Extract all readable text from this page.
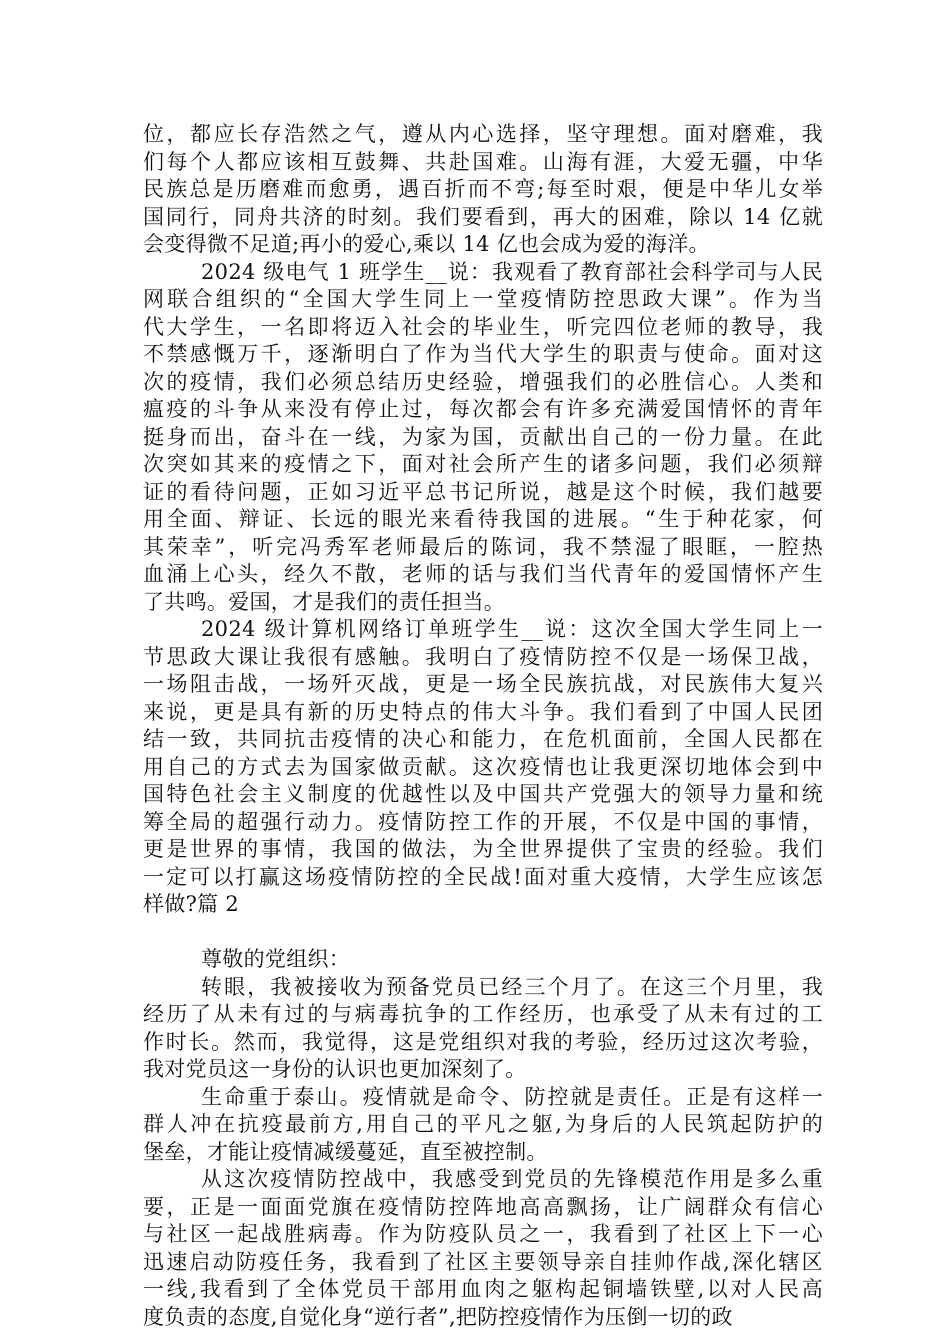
位，都应长存浩然之气，遵从内心选择，坚守理想。面对磨难，我
们每个人都应该相互鼓舞、共赴国难。山海有涯，大爱无疆，中华
民族总是历磨难而愈勇，遇百折而不弯;每至时艰，便是中华儿女举
国同行，同舟共济的时刻。我们要看到，再大的困难，除以 14 亿就
会变得微不足道;再小的爱心,乘以 14 亿也会成为爱的海洋。
2024 级电气 1 班学生__说：我观看了教育部社会科学司与人民
网联合组织的“全国大学生同上一堂疫情防控思政大课”。作为当
代大学生，一名即将迈入社会的毕业生，听完四位老师的教导，我
不禁感慨万千，逐渐明白了作为当代大学生的职责与使命。面对这
次的疫情，我们必须总结历史经验，增强我们的必胜信心。人类和
瘟疫的斗争从来没有停止过，每次都会有许多充满爱国情怀的青年
挺身而出，奋斗在一线，为家为国，贡献出自己的一份力量。在此
次突如其来的疫情之下，面对社会所产生的诸多问题，我们必须辩
证的看待问题，正如习近平总书记所说，越是这个时候，我们越要
用全面、辩证、长远的眼光来看待我国的进展。“生于种花家，何
其荣幸”，听完冯秀军老师最后的陈词，我不禁湿了眼眶，一腔热
血涌上心头，经久不散，老师的话与我们当代青年的爱国情怀产生
了共鸣。爱国，才是我们的责任担当。
2024 级计算机网络订单班学生__说：这次全国大学生同上一
节思政大课让我很有感触。我明白了疫情防控不仅是一场保卫战，
一场阻击战，一场歼灭战，更是一场全民族抗战，对民族伟大复兴
来说，更是具有新的历史特点的伟大斗争。我们看到了中国人民团
结一致，共同抗击疫情的决心和能力，在危机面前，全国人民都在
用自己的方式去为国家做贡献。这次疫情也让我更深切地体会到中
国特色社会主义制度的优越性以及中国共产党强大的领导力量和统
筹全局的超强行动力。疫情防控工作的开展，不仅是中国的事情，
更是世界的事情，我国的做法，为全世界提供了宝贵的经验。我们
一定可以打赢这场疫情防控的全民战!面对重大疫情，大学生应该怎
样做?篇 2
尊敬的党组织：
转眼，我被接收为预备党员已经三个月了。在这三个月里，我
经历了从未有过的与病毒抗争的工作经历，也承受了从未有过的工
作时长。然而，我觉得，这是党组织对我的考验，经历过这次考验，
我对党员这一身份的认识也更加深刻了。
生命重于泰山。疫情就是命令、防控就是责任。正是有这样一
群人冲在抗疫最前方,用自己的平凡之躯,为身后的人民筑起防护的
堡垒，才能让疫情减缓蔓延，直至被控制。
从这次疫情防控战中，我感受到党员的先锋模范作用是多么重
要，正是一面面党旗在疫情防控阵地高高飘扬，让广阔群众有信心
与社区一起战胜病毒。作为防疫队员之一，我看到了社区上下一心
迅速启动防疫任务，我看到了社区主要领导亲自挂帅作战,深化辖区
一线,我看到了全体党员干部用血肉之躯构起铜墙铁壁,以对人民高
度负责的态度,自觉化身“逆行者”,把防控疫情作为压倒一切的政
